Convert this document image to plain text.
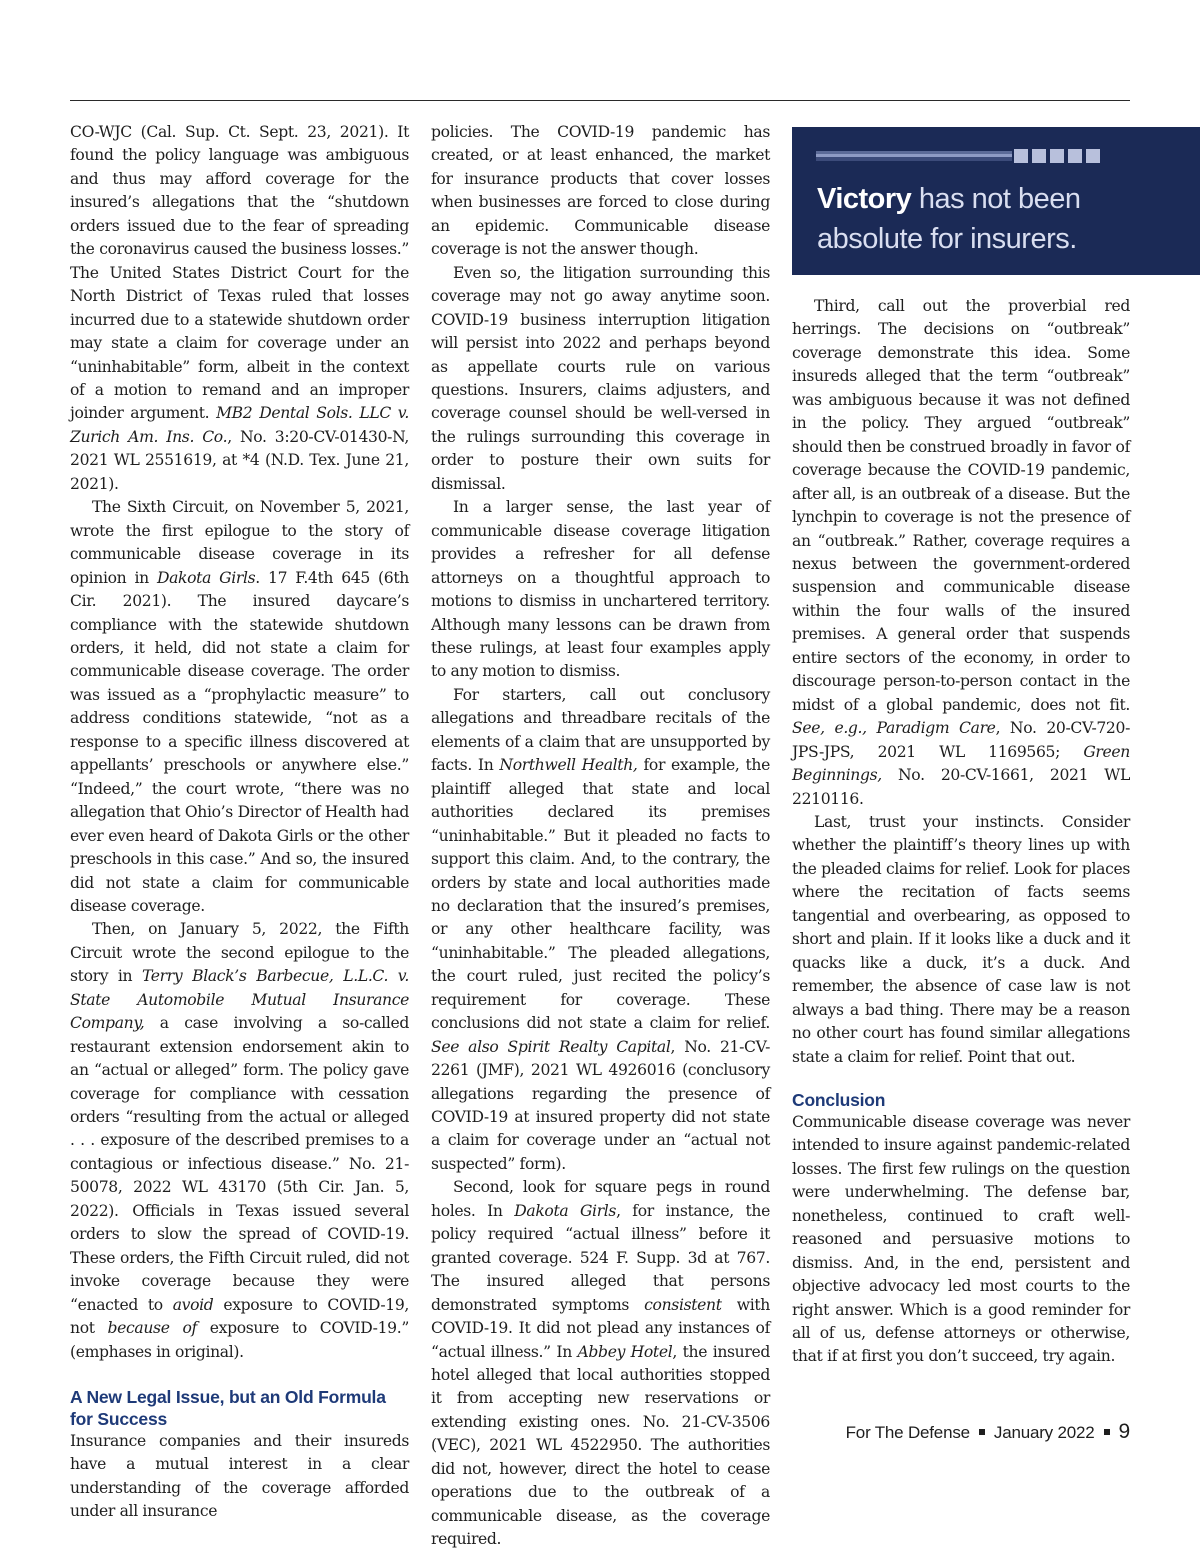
CO-WJC (Cal. Sup. Ct. Sept. 23, 2021). It found the policy language was ambiguous and thus may afford coverage for the insured’s allegations that the “shutdown orders issued due to the fear of spreading the coronavirus caused the business losses.” The United States District Court for the North District of Texas ruled that losses incurred due to a statewide shutdown order may state a claim for coverage under an “uninhabitable” form, albeit in the context of a motion to remand and an improper joinder argument. MB2 Dental Sols. LLC v. Zurich Am. Ins. Co., No. 3:20-CV-01430-N, 2021 WL 2551619, at *4 (N.D. Tex. June 21, 2021).

The Sixth Circuit, on November 5, 2021, wrote the first epilogue to the story of communicable disease coverage in its opinion in Dakota Girls. 17 F.4th 645 (6th Cir. 2021). The insured daycare’s compliance with the statewide shutdown orders, it held, did not state a claim for communicable disease coverage. The order was issued as a “prophylactic measure” to address conditions statewide, “not as a response to a specific illness discovered at appellants’ preschools or anywhere else.” “Indeed,” the court wrote, “there was no allegation that Ohio’s Director of Health had ever even heard of Dakota Girls or the other preschools in this case.” And so, the insured did not state a claim for communicable disease coverage.

Then, on January 5, 2022, the Fifth Circuit wrote the second epilogue to the story in Terry Black’s Barbecue, L.L.C. v. State Automobile Mutual Insurance Company, a case involving a so-called restaurant extension endorsement akin to an “actual or alleged” form. The policy gave coverage for compliance with cessation orders “resulting from the actual or alleged . . . exposure of the described premises to a contagious or infectious disease.” No. 21-50078, 2022 WL 43170 (5th Cir. Jan. 5, 2022). Officials in Texas issued several orders to slow the spread of COVID-19. These orders, the Fifth Circuit ruled, did not invoke coverage because they were “enacted to avoid exposure to COVID-19, not because of exposure to COVID-19.” (emphases in original).

A New Legal Issue, but an Old Formula for Success

Insurance companies and their insureds have a mutual interest in a clear understanding of the coverage afforded under all insurance

policies. The COVID-19 pandemic has created, or at least enhanced, the market for insurance products that cover losses when businesses are forced to close during an epidemic. Communicable disease coverage is not the answer though.

Even so, the litigation surrounding this coverage may not go away anytime soon. COVID-19 business interruption litigation will persist into 2022 and perhaps beyond as appellate courts rule on various questions. Insurers, claims adjusters, and coverage counsel should be well-versed in the rulings surrounding this coverage in order to posture their own suits for dismissal.

In a larger sense, the last year of communicable disease coverage litigation provides a refresher for all defense attorneys on a thoughtful approach to motions to dismiss in unchartered territory. Although many lessons can be drawn from these rulings, at least four examples apply to any motion to dismiss.

For starters, call out conclusory allegations and threadbare recitals of the elements of a claim that are unsupported by facts. In Northwell Health, for example, the plaintiff alleged that state and local authorities declared its premises “uninhabitable.” But it pleaded no facts to support this claim. And, to the contrary, the orders by state and local authorities made no declaration that the insured’s premises, or any other healthcare facility, was “uninhabitable.” The pleaded allegations, the court ruled, just recited the policy’s requirement for coverage. These conclusions did not state a claim for relief. See also Spirit Realty Capital, No. 21-CV-2261 (JMF), 2021 WL 4926016 (conclusory allegations regarding the presence of COVID-19 at insured property did not state a claim for coverage under an “actual not suspected” form).

Second, look for square pegs in round holes. In Dakota Girls, for instance, the policy required “actual illness” before it granted coverage. 524 F. Supp. 3d at 767. The insured alleged that persons demonstrated symptoms consistent with COVID-19. It did not plead any instances of “actual illness.” In Abbey Hotel, the insured hotel alleged that local authorities stopped it from accepting new reservations or extending existing ones. No. 21-CV-3506 (VEC), 2021 WL 4522950. The authorities did not, however, direct the hotel to cease operations due to the outbreak of a communicable disease, as the coverage required.

Victory has not been absolute for insurers.

Third, call out the proverbial red herrings. The decisions on “outbreak” coverage demonstrate this idea. Some insureds alleged that the term “outbreak” was ambiguous because it was not defined in the policy. They argued “outbreak” should then be construed broadly in favor of coverage because the COVID-19 pandemic, after all, is an outbreak of a disease. But the lynchpin to coverage is not the presence of an “outbreak.” Rather, coverage requires a nexus between the government-ordered suspension and communicable disease within the four walls of the insured premises. A general order that suspends entire sectors of the economy, in order to discourage person-to-person contact in the midst of a global pandemic, does not fit. See, e.g., Paradigm Care, No. 20-CV-720-JPS-JPS, 2021 WL 1169565; Green Beginnings, No. 20-CV-1661, 2021 WL 2210116.

Last, trust your instincts. Consider whether the plaintiff’s theory lines up with the pleaded claims for relief. Look for places where the recitation of facts seems tangential and overbearing, as opposed to short and plain. If it looks like a duck and it quacks like a duck, it’s a duck. And remember, the absence of case law is not always a bad thing. There may be a reason no other court has found similar allegations state a claim for relief. Point that out.

Conclusion

Communicable disease coverage was never intended to insure against pandemic-related losses. The first few rulings on the question were underwhelming. The defense bar, nonetheless, continued to craft well-reasoned and persuasive motions to dismiss. And, in the end, persistent and objective advocacy led most courts to the right answer. Which is a good reminder for all of us, defense attorneys or otherwise, that if at first you don’t succeed, try again.

For The Defense January 2022 9
